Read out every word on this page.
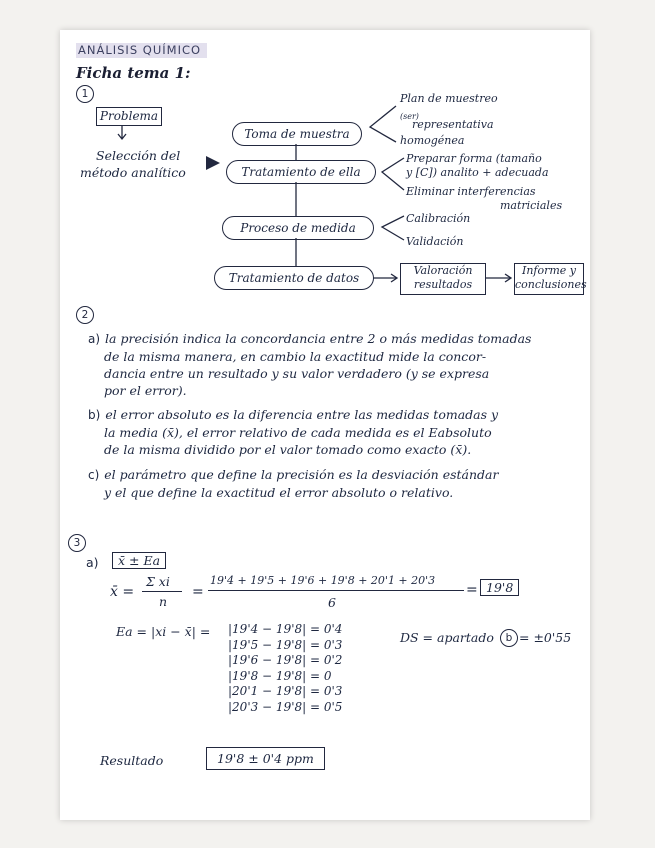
ANÁLISIS QUÍMICO
Ficha tema 1:
1
Problema
Selección del
método analítico
Toma de muestra
Tratamiento de ella
Proceso de medida
Tratamiento de datos
Plan de muestreo
(ser)
representativa
homogénea
Preparar forma (tamaño
y [C]) analito + adecuada
Eliminar interferencias
matriciales
Calibración
Validación
Valoración
resultados
Informe y
conclusiones
2
a) la precisión indica la concordancia entre 2 o más medidas tomadas
de la misma manera, en cambio la exactitud mide la concor-
dancia entre un resultado y su valor verdadero (y se expresa
por el error).
b) el error absoluto es la diferencia entre las medidas tomadas y
la media (x̄), el error relativo de cada medida es el Eabsoluto
de la misma dividido por el valor tomado como exacto (x̄).
c) el parámetro que define la precisión es la desviación estándar
y el que define la exactitud el error absoluto o relativo.
3
a)	x̄ ± Ea
x̄ =
Σ xi
n
=
19'4 + 19'5 + 19'6 + 19'8 + 20'1 + 20'3
6
= 19'8
Ea = |xi − x̄| = |19'4 − 19'8| = 0'4
|19'5 − 19'8| = 0'3
|19'6 − 19'8| = 0'2
|19'8 − 19'8| = 0
|20'1 − 19'8| = 0'3
|20'3 − 19'8| = 0'5
DS = apartado	b = ±0'55
Resultado	19'8 ± 0'4 ppm
